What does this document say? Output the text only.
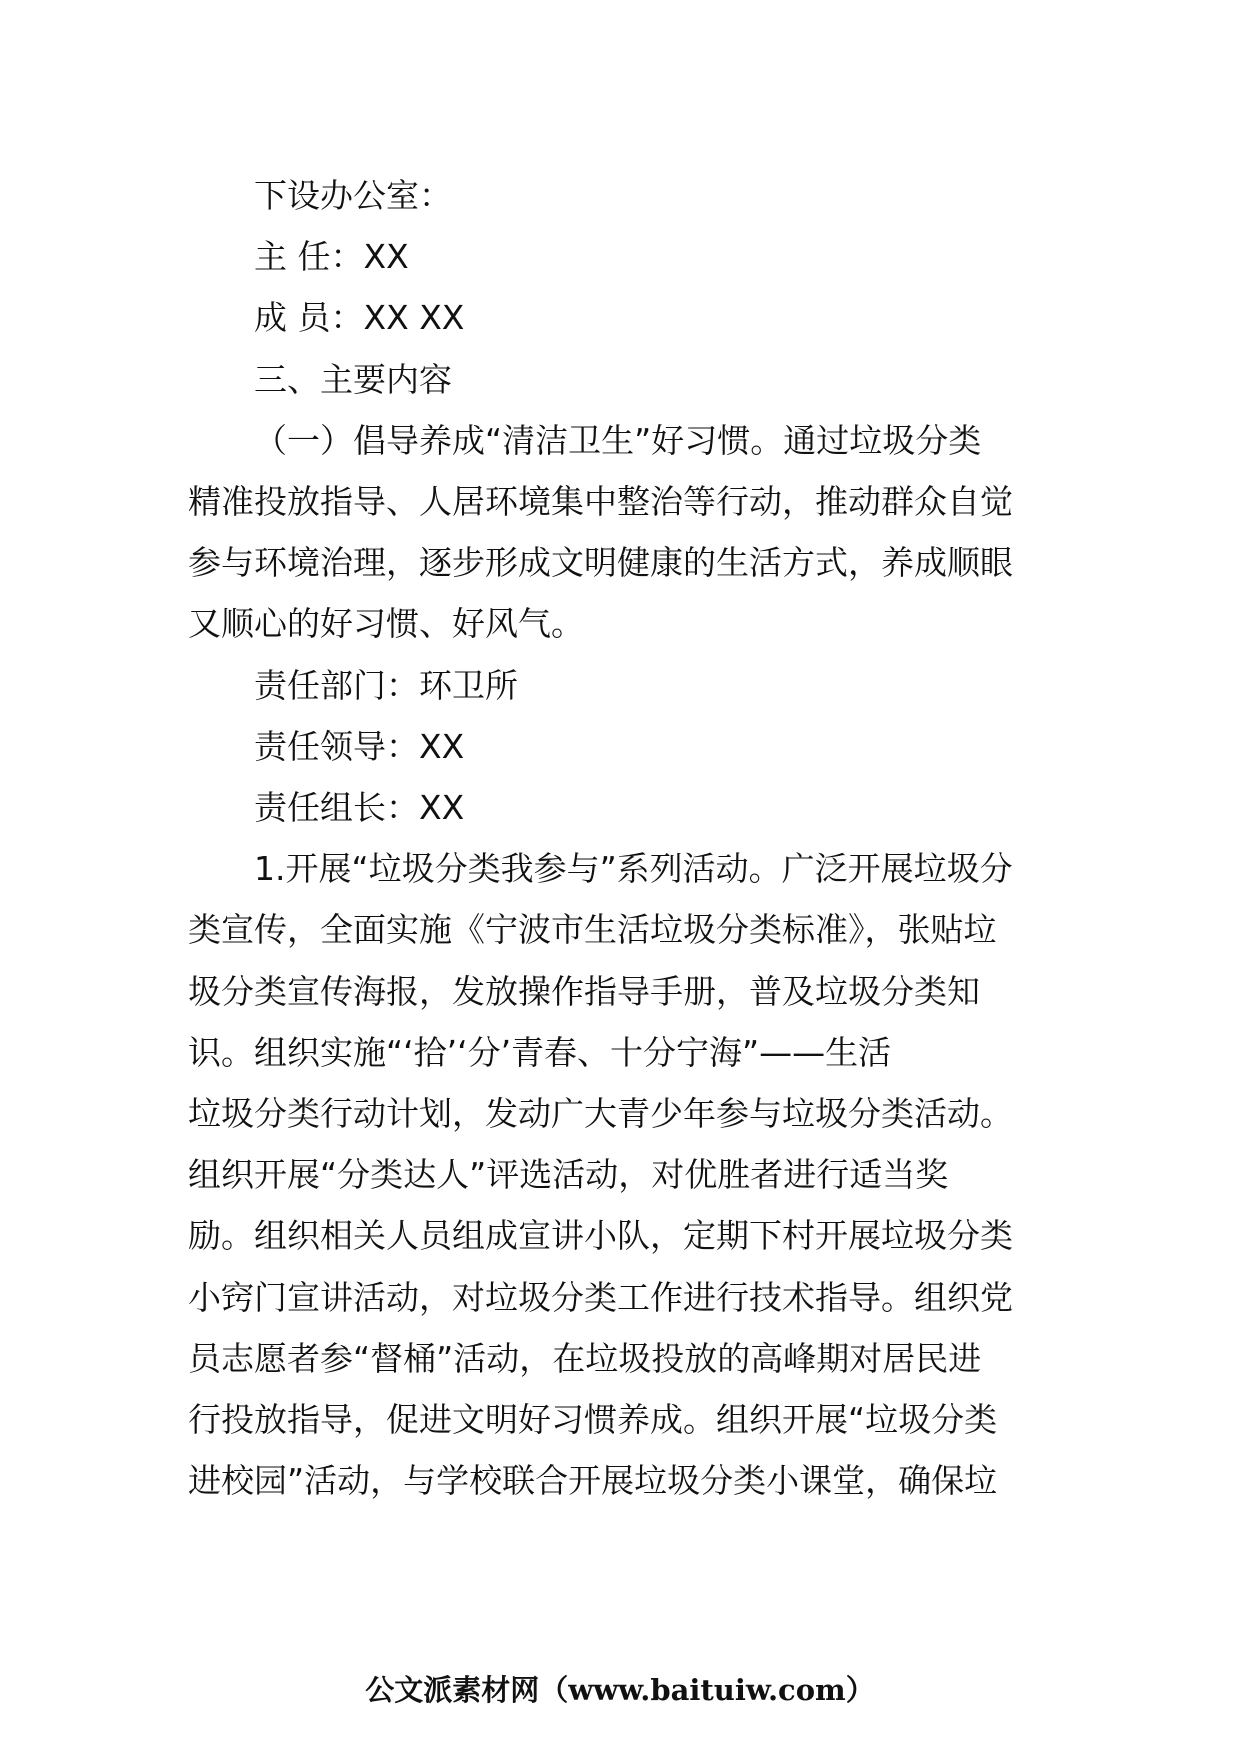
下设办公室：
主 任：XX
成 员：XX XX
三、主要内容
（一）倡导养成“清洁卫生”好习惯。通过垃圾分类
精准投放指导、人居环境集中整治等行动，推动群众自觉
参与环境治理，逐步形成文明健康的生活方式，养成顺眼
又顺心的好习惯、好风气。
责任部门：环卫所
责任领导：XX
责任组长：XX
1.开展“垃圾分类我参与”系列活动。广泛开展垃圾分
类宣传，全面实施《宁波市生活垃圾分类标准》，张贴垃
圾分类宣传海报，发放操作指导手册，普及垃圾分类知
识。组织实施“‘拾’‘分’青春、十分宁海”——生活
垃圾分类行动计划，发动广大青少年参与垃圾分类活动。
组织开展“分类达人”评选活动，对优胜者进行适当奖
励。组织相关人员组成宣讲小队，定期下村开展垃圾分类
小窍门宣讲活动，对垃圾分类工作进行技术指导。组织党
员志愿者参“督桶”活动，在垃圾投放的高峰期对居民进
行投放指导，促进文明好习惯养成。组织开展“垃圾分类
进校园”活动，与学校联合开展垃圾分类小课堂，确保垃
公文派素材网（www.baituiw.com）
